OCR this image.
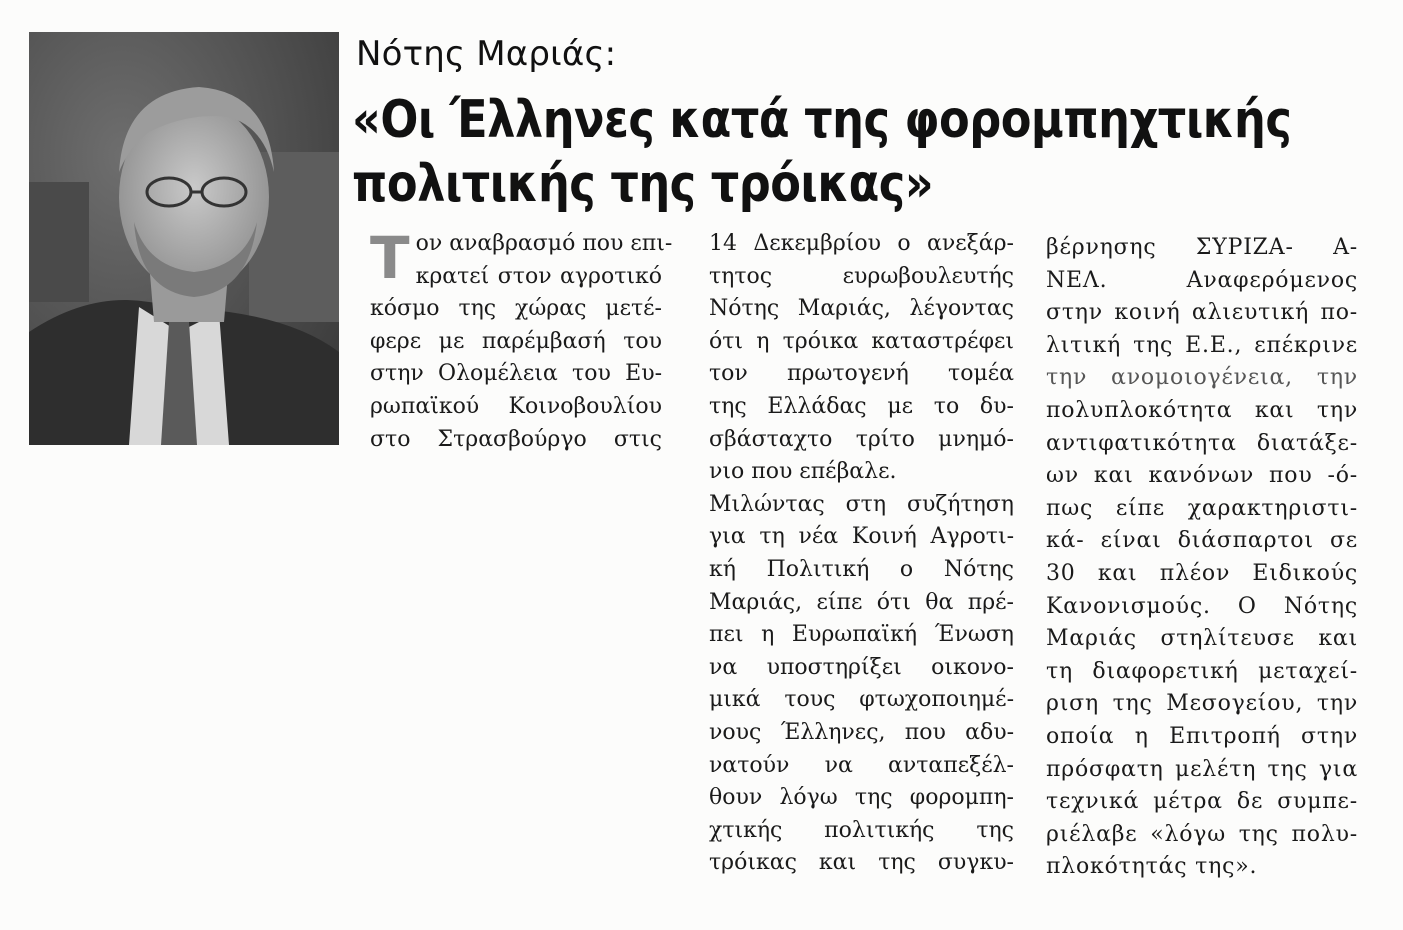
Νότης Μαριάς:
«Οι Έλληνες κατά της φορομπηχτικής
πολιτικής της τρόικας»
Τ ον αναβρασμό που επι-
κρατεί στον αγροτικό
κόσμο της χώρας μετέ-
φερε με παρέμβασή του
στην Ολομέλεια του Ευ-
ρωπαϊκού Κοινοβουλίου
στο Στρασβούργο στις
14 Δεκεμβρίου ο ανεξάρ-
τητος ευρωβουλευτής
Νότης Μαριάς, λέγοντας
ότι η τρόικα καταστρέφει
τον πρωτογενή τομέα
της Ελλάδας με το δυ-
σβάσταχτο τρίτο μνημό-
νιο που επέβαλε.
Μιλώντας στη συζήτηση
για τη νέα Κοινή Αγροτι-
κή Πολιτική ο Νότης
Μαριάς, είπε ότι θα πρέ-
πει η Ευρωπαϊκή Ένωση
να υποστηρίξει οικονο-
μικά τους φτωχοποιημέ-
νους Έλληνες, που αδυ-
νατούν να ανταπεξέλ-
θουν λόγω της φορομπη-
χτικής πολιτικής της
τρόικας και της συγκυ-
βέρνησης ΣΥΡΙΖΑ- Α-
ΝΕΛ. Αναφερόμενος
στην κοινή αλιευτική πο-
λιτική της Ε.Ε., επέκρινε
την ανομοιογένεια, την
πολυπλοκότητα και την
αντιφατικότητα διατάξε-
ων και κανόνων που -ό-
πως είπε χαρακτηριστι-
κά- είναι διάσπαρτοι σε
30 και πλέον Ειδικούς
Κανονισμούς. Ο Νότης
Μαριάς στηλίτευσε και
τη διαφορετική μεταχεί-
ριση της Μεσογείου, την
οποία η Επιτροπή στην
πρόσφατη μελέτη της για
τεχνικά μέτρα δε συμπε-
ριέλαβε «λόγω της πολυ-
πλοκότητάς της».
